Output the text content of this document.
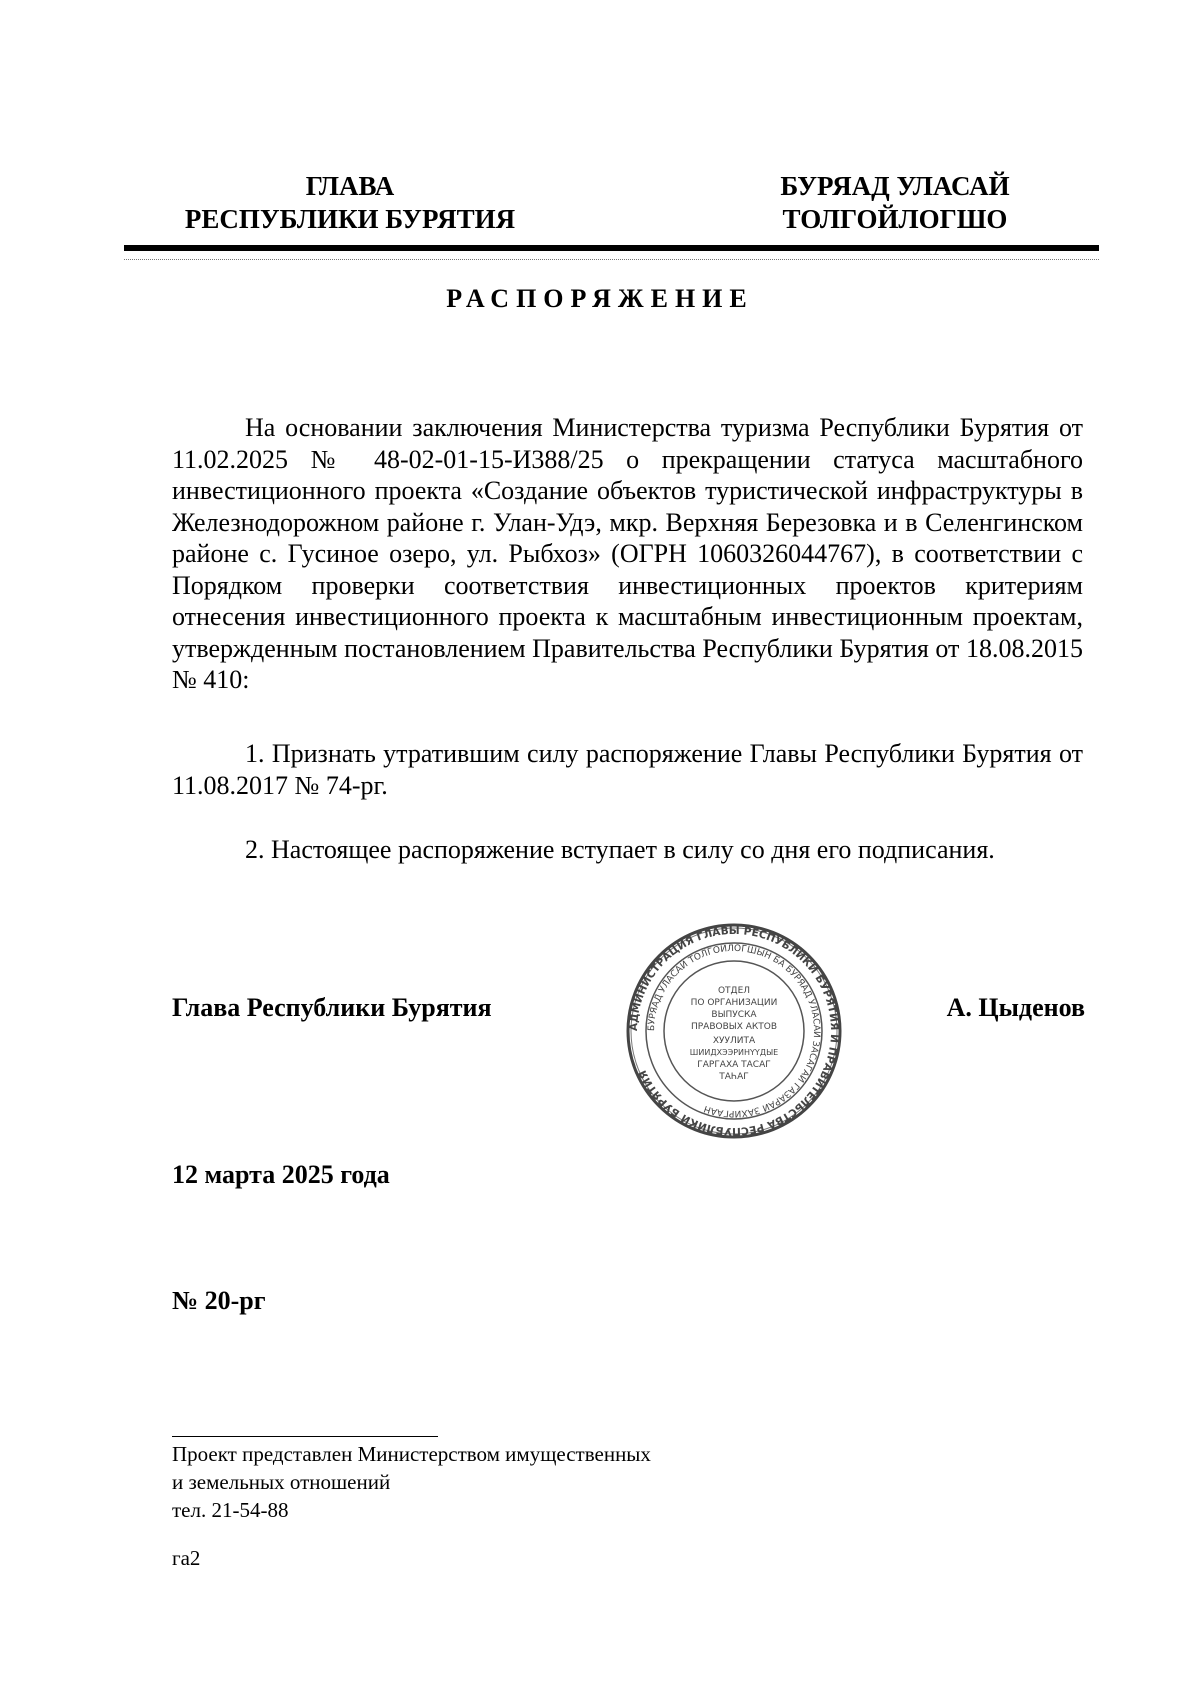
ГЛАВА
РЕСПУБЛИКИ БУРЯТИЯ
БУРЯАД УЛАСАЙ
ТОЛГОЙЛОГШО
РАСПОРЯЖЕНИЕ

На основании заключения Министерства туризма Республики Бурятия от 11.02.2025 № 48-02-01-15-И388/25 о прекращении статуса масштабного инвестиционного проекта «Создание объектов туристической инфраструктуры в Железнодорожном районе г. Улан-Удэ, мкр. Верхняя Березовка и в Селенгинском районе с. Гусиное озеро, ул. Рыбхоз» (ОГРН 1060326044767), в соответствии с Порядком проверки соответствия инвестиционных проектов критериям отнесения инвестиционного проекта к масштабным инвестиционным проектам, утвержденным постановлением Правительства Республики Бурятия от 18.08.2015 № 410:

1. Признать утратившим силу распоряжение Главы Республики Бурятия от 11.08.2017 № 74-рг.

2. Настоящее распоряжение вступает в силу со дня его подписания.

Глава Республики Бурятия	А. Цыденов
АДМИНИСТРАЦИЯ ГЛАВЫ РЕСПУБЛИКИ БУРЯТИЯ И ПРАВИТЕЛЬСТВА РЕСПУБЛИКИ БУРЯТИЯ
БУРЯАД УЛАСАЙ ТОЛГОЙЛОГШЫН БА БУРЯАД УЛАСАЙ ЗАСАГАЙ ГАЗАРАЙ ЗАХИРГААН
ОТДЕЛ
ПО ОРГАНИЗАЦИИ
ВЫПУСКА
ПРАВОВЫХ АКТОВ
ХУУЛИТА
ШИИДХЭЭРИНҮҮДЫЕ
ГАРГАХА ТАСАГ
ТАҺАГ
12 марта 2025 года
№ 20-рг
Проект представлен Министерством имущественных
и земельных отношений
тел. 21-54-88
га2
